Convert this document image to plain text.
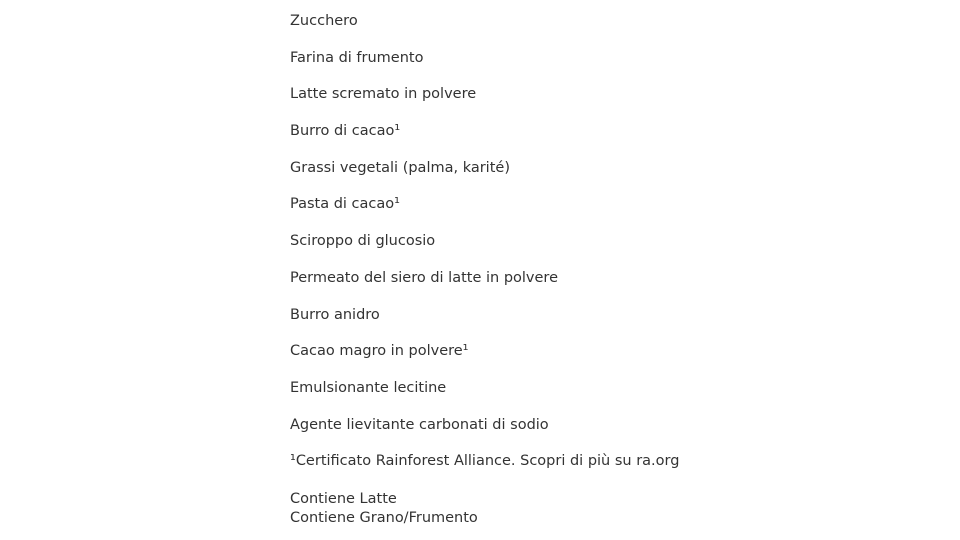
Zucchero
Farina di frumento
Latte scremato in polvere
Burro di cacao¹
Grassi vegetali (palma, karité)
Pasta di cacao¹
Sciroppo di glucosio
Permeato del siero di latte in polvere
Burro anidro
Cacao magro in polvere¹
Emulsionante lecitine
Agente lievitante carbonati di sodio
¹Certificato Rainforest Alliance. Scopri di più su ra.org
Contiene Latte
Contiene Grano/Frumento
